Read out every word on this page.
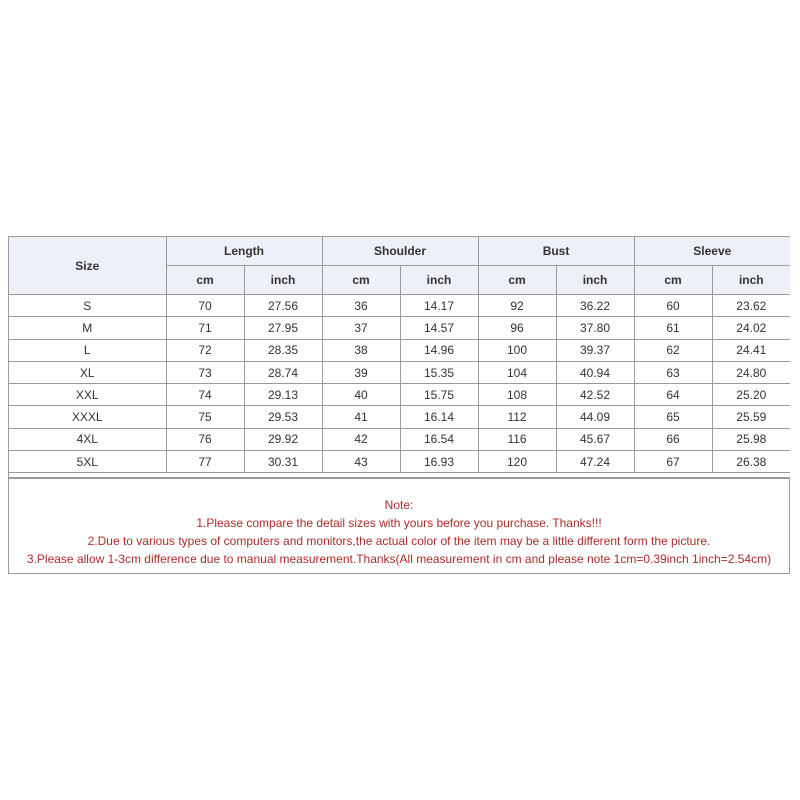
Size	Length		Shoulder		Bust		Sleeve	
	cm	inch	cm	inch	cm	inch	cm	inch
S	70	27.56	36	14.17	92	36.22	60	23.62
M	71	27.95	37	14.57	96	37.80	61	24.02
L	72	28.35	38	14.96	100	39.37	62	24.41
XL	73	28.74	39	15.35	104	40.94	63	24.80
XXL	74	29.13	40	15.75	108	42.52	64	25.20
XXXL	75	29.53	41	16.14	112	44.09	65	25.59
4XL	76	29.92	42	16.54	116	45.67	66	25.98
5XL	77	30.31	43	16.93	120	47.24	67	26.38

Note:
1.Please compare the detail sizes with yours before you purchase. Thanks!!!
2.Due to various types of computers and monitors,the actual color of the item may be a little different form the picture.
3.Please allow 1-3cm difference due to manual measurement.Thanks(All measurement in cm and please note 1cm=0.39inch 1inch=2.54cm)
